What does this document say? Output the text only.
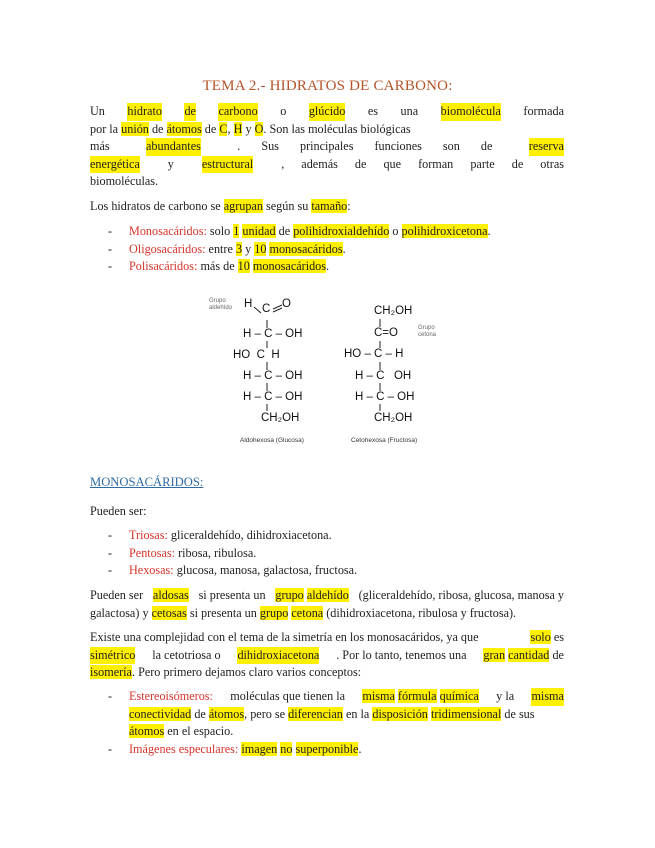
TEMA 2.- HIDRATOS DE CARBONO:
Un hidrato de carbono o glúcido es una biomolécula formada
por la unión de átomos de C, H y O. Son las moléculas biológicas
más	abundantes	. Sus principales funciones son de	reserva
energética y estructural , además de que forman parte de otras
biomoléculas.
Los hidratos de carbono se agrupan según su tamaño:
- Monosacáridos: solo 1 unidad de polihidroxialdehído o polihidroxicetona.
- Oligosacáridos: entre 3 y 10 monosacáridos.
- Polisacáridos: más de 10 monosacáridos.
Grupo aldehído	H C O
H – C – OH
HO  C  H
H – C – OH
H – C – OH
CH₂OH
Aldohexosa (Glucosa)
CH₂OH
C=O	Grupo cetona
HO – C – H
H – C   OH
H – C – OH
CH₂OH
Cetohexosa (Fructosa)
MONOSACÁRIDOS:
Pueden ser:
- Triosas: gliceraldehído, dihidroxiacetona.
- Pentosas: ribosa, ribulosa.
- Hexosas: glucosa, manosa, galactosa, fructosa.
Pueden ser aldosas si presenta un grupo aldehído (gliceraldehído, ribosa, glucosa, manosa y
galactosa) y cetosas si presenta un grupo cetona (dihidroxiacetona, ribulosa y fructosa).
Existe una complejidad con el tema de la simetría en los monosacáridos, ya que	solo es
simétrico la cetotriosa o dihidroxiacetona . Por lo tanto, tenemos una gran cantidad de
isomería. Pero primero dejamos claro varios conceptos:
- Estereoisómeros: moléculas que tienen la misma fórmula química y la misma
conectividad de átomos, pero se diferencian en la disposición tridimensional de sus
átomos en el espacio.
- Imágenes especulares: imagen no superponible.
